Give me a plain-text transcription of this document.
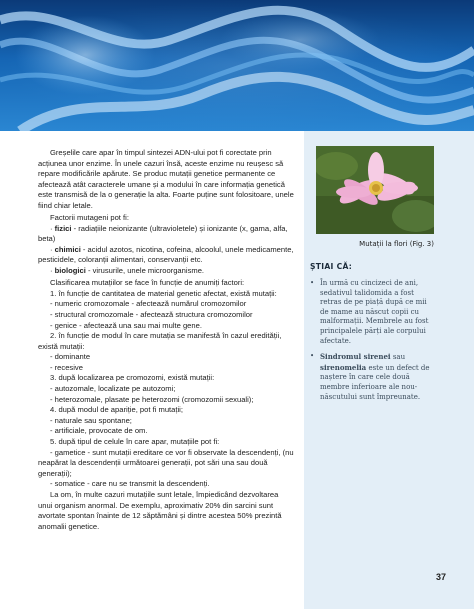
Greșelile care apar în timpul sintezei ADN-ului pot fi corectate prin acțiunea unor enzime. În unele cazuri însă, aceste enzime nu reușesc să repare modificările apărute. Se produc mutații genetice permanente ce afectează atât caracterele umane și a modului în care informația genetică este transmisă de la o generație la alta. Foarte puține sunt folositoare, unele fiind chiar letale.

Factorii mutageni pot fi:

· fizici - radiațiile neionizante (ultravioletele) și ionizante (x, gama, alfa, beta)

· chimici - acidul azotos, nicotina, cofeina, alcoolul, unele medicamente, pesticidele, coloranții alimentari, conservanții etc.

· biologici - virusurile, unele microorganisme.

Clasificarea mutațiilor se face în funcție de anumiți factori:

1. în funcție de cantitatea de material genetic afectat, există mutații:

- numeric cromozomale - afectează numărul cromozomilor

- structural cromozomale - afectează structura cromozomilor

- genice - afectează una sau mai multe gene.

2. în funcție de modul în care mutația se manifestă în cazul eredității, există mutații:

- dominante

- recesive

3. după localizarea pe cromozomi, există mutații:

- autozomale, localizate pe autozomi;

- heterozomale, plasate pe heterozomi (cromozomii sexuali);

4. după modul de apariție, pot fi mutații;

- naturale sau spontane;

- artificiale, provocate de om.

5. după tipul de celule în care apar, mutațiile pot fi:

- gametice - sunt mutații ereditare ce vor fi observate la descendenți, (nu neapărat la descendenții următoarei generații, pot sări una sau două generații);

- somatice - care nu se transmit la descendenți.

La om, în multe cazuri mutațiile sunt letale, împiedicând dezvoltarea unui organism anormal. De exemplu, aproximativ 20% din sarcini sunt avortate spontan înainte de 12 săptămâni și dintre acestea 50% prezintă anomalii genetice.

Mutații la flori (Fig. 3)
ȘTIAI CĂ:
• În urmă cu cincizeci de ani, sedativul talidomida a fost retras de pe piață după ce mii de mame au născut copii cu malformații. Membrele au fost principalele părți ale corpului afectate.
• Sindromul sirenei sau sirenomelia este un defect de naștere în care cele două membre inferioare ale nou-născutului sunt împreunate.
37
